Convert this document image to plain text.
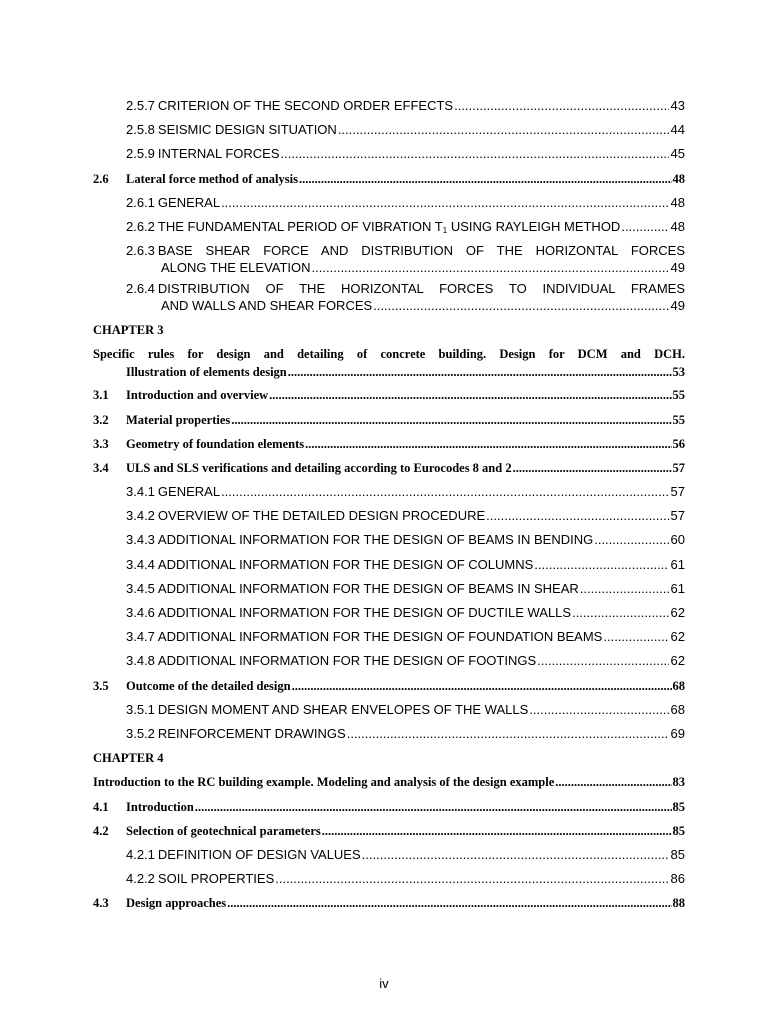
2.5.7 CRITERION OF THE SECOND ORDER EFFECTS .....	43
2.5.8 SEISMIC DESIGN SITUATION .....	44
2.5.9 INTERNAL FORCES .....	45
2.6	Lateral force method of analysis .....	48
2.6.1 GENERAL .....	48
2.6.2 THE FUNDAMENTAL PERIOD OF VIBRATION $T_1$ USING RAYLEIGH METHOD .....	48
2.6.3 BASE SHEAR FORCE AND DISTRIBUTION OF THE HORIZONTAL FORCES
ALONG THE ELEVATION .....	49
2.6.4 DISTRIBUTION OF THE HORIZONTAL FORCES TO INDIVIDUAL FRAMES
AND WALLS AND SHEAR FORCES .....	49
CHAPTER 3
Specific rules for design and detailing of concrete building. Design for DCM and DCH.
Illustration of elements design .....	53
3.1	Introduction and overview .....	55
3.2	Material properties .....	55
3.3	Geometry of foundation elements .....	56
3.4	ULS and SLS verifications and detailing according to Eurocodes 8 and 2 .....	57
3.4.1 GENERAL .....	57
3.4.2 OVERVIEW OF THE DETAILED DESIGN PROCEDURE .....	57
3.4.3 ADDITIONAL INFORMATION FOR THE DESIGN OF BEAMS IN BENDING .....	60
3.4.4 ADDITIONAL INFORMATION FOR THE DESIGN OF COLUMNS .....	61
3.4.5 ADDITIONAL INFORMATION FOR THE DESIGN OF BEAMS IN SHEAR .....	61
3.4.6 ADDITIONAL INFORMATION FOR THE DESIGN OF DUCTILE WALLS .....	62
3.4.7 ADDITIONAL INFORMATION FOR THE DESIGN OF FOUNDATION BEAMS .....	62
3.4.8 ADDITIONAL INFORMATION FOR THE DESIGN OF FOOTINGS .....	62
3.5	Outcome of the detailed design .....	68
3.5.1 DESIGN MOMENT AND SHEAR ENVELOPES OF THE WALLS .....	68
3.5.2 REINFORCEMENT DRAWINGS .....	69
CHAPTER 4
Introduction to the RC building example. Modeling and analysis of the design example .....	83
4.1	Introduction .....	85
4.2	Selection of geotechnical parameters .....	85
4.2.1 DEFINITION OF DESIGN VALUES .....	85
4.2.2 SOIL PROPERTIES .....	86
4.3	Design approaches .....	88
iv
